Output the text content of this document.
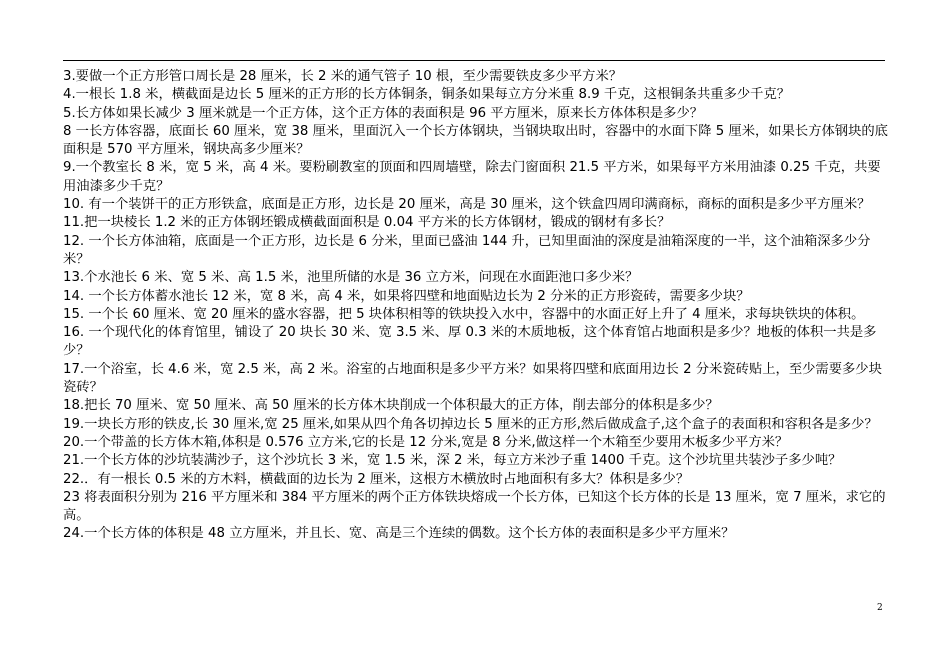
3.要做一个正方形管口周长是 28 厘米，长 2 米的通气管子 10 根，至少需要铁皮多少平方米？

4.一根长 1.8 米，横截面是边长 5 厘米的正方形的长方体铜条，铜条如果每立方分米重 8.9 千克，这根铜条共重多少千克？

5.长方体如果长减少 3 厘米就是一个正方体，这个正方体的表面积是 96 平方厘米，原来长方体体积是多少？

8 一长方体容器，底面长 60 厘米，宽 38 厘米，里面沉入一个长方体钢块，当钢块取出时，容器中的水面下降 5 厘米，如果长方体钢块的底面积是 570 平方厘米，钢块高多少厘米？

9.一个教室长 8 米，宽 5 米，高 4 米。要粉刷教室的顶面和四周墙壁，除去门窗面积 21.5 平方米，如果每平方米用油漆 0.25 千克，共要用油漆多少千克？

10. 有一个装饼干的正方形铁盒，底面是正方形，边长是 20 厘米，高是 30 厘米，这个铁盒四周印满商标，商标的面积是多少平方厘米？

11.把一块棱长 1.2 米的正方体钢坯锻成横截面面积是 0.04 平方米的长方体钢材，锻成的钢材有多长？

12. 一个长方体油箱，底面是一个正方形，边长是 6 分米，里面已盛油 144 升，已知里面油的深度是油箱深度的一半，这个油箱深多少分米？

13.个水池长 6 米、宽 5 米、高 1.5 米，池里所储的水是 36 立方米，问现在水面距池口多少米？

14. 一个长方体蓄水池长 12 米，宽 8 米，高 4 米，如果将四壁和地面贴边长为 2 分米的正方形瓷砖，需要多少块？

15. 一个长 60 厘米、宽 20 厘米的盛水容器，把 5 块体积相等的铁块投入水中，容器中的水面正好上升了 4 厘米，求每块铁块的体积。

16. 一个现代化的体育馆里，铺设了 20 块长 30 米、宽 3.5 米、厚 0.3 米的木质地板，这个体育馆占地面积是多少？地板的体积一共是多少？

17.一个浴室，长 4.6 米，宽 2.5 米，高 2 米。浴室的占地面积是多少平方米？如果将四壁和底面用边长 2 分米瓷砖贴上，至少需要多少块瓷砖？

18.把长 70 厘米、宽 50 厘米、高 50 厘米的长方体木块削成一个体积最大的正方体，削去部分的体积是多少？

19.一块长方形的铁皮,长 30 厘米,宽 25 厘米,如果从四个角各切掉边长 5 厘米的正方形,然后做成盒子,这个盒子的表面积和容积各是多少？

20.一个带盖的长方体木箱,体积是 0.576 立方米,它的长是 12 分米,宽是 8 分米,做这样一个木箱至少要用木板多少平方米？

21.一个长方体的沙坑装满沙子，这个沙坑长 3 米，宽 1.5 米，深 2 米，每立方米沙子重 1400 千克。这个沙坑里共装沙子多少吨？

22.．有一根长 0.5 米的方木料，横截面的边长为 2 厘米，这根方木横放时占地面积有多大？体积是多少？

23 将表面积分别为 216 平方厘米和 384 平方厘米的两个正方体铁块熔成一个长方体，已知这个长方体的长是 13 厘米，宽 7 厘米，求它的高。

24.一个长方体的体积是 48 立方厘米，并且长、宽、高是三个连续的偶数。这个长方体的表面积是多少平方厘米？

2
